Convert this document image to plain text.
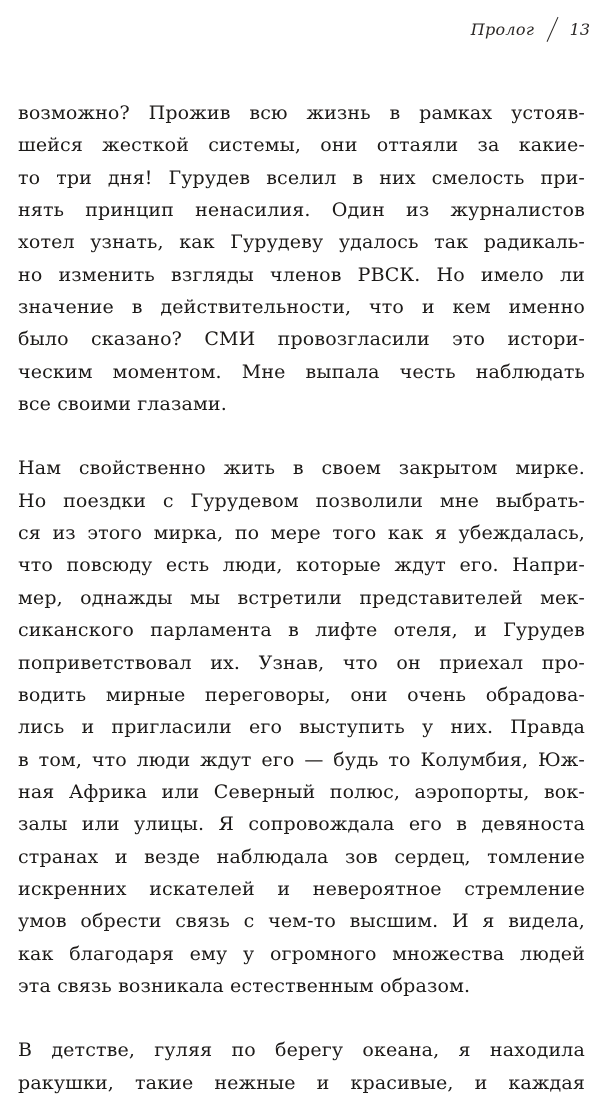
Пролог 13

возможно? Прожив всю жизнь в рамках устояв-
шейся жесткой системы, они оттаяли за какие-
то три дня! Гурудев вселил в них смелость при-
нять принцип ненасилия. Один из журналистов
хотел узнать, как Гурудеву удалось так радикаль-
но изменить взгляды членов РВСК. Но имело ли
значение в действительности, что и кем именно
было сказано? СМИ провозгласили это истори-
ческим моментом. Мне выпала честь наблюдать
все своими глазами.

Нам свойственно жить в своем закрытом мирке.
Но поездки с Гурудевом позволили мне выбрать-
ся из этого мирка, по мере того как я убеждалась,
что повсюду есть люди, которые ждут его. Напри-
мер, однажды мы встретили представителей мек-
сиканского парламента в лифте отеля, и Гурудев
поприветствовал их. Узнав, что он приехал про-
водить мирные переговоры, они очень обрадова-
лись и пригласили его выступить у них. Правда
в том, что люди ждут его — будь то Колумбия, Юж-
ная Африка или Северный полюс, аэропорты, вок-
залы или улицы. Я сопровождала его в девяноста
странах и везде наблюдала зов сердец, томление
искренних искателей и невероятное стремление
умов обрести связь с чем-то высшим. И я видела,
как благодаря ему у огромного множества людей
эта связь возникала естественным образом.

В детстве, гуляя по берегу океана, я находила
ракушки, такие нежные и красивые, и каждая
